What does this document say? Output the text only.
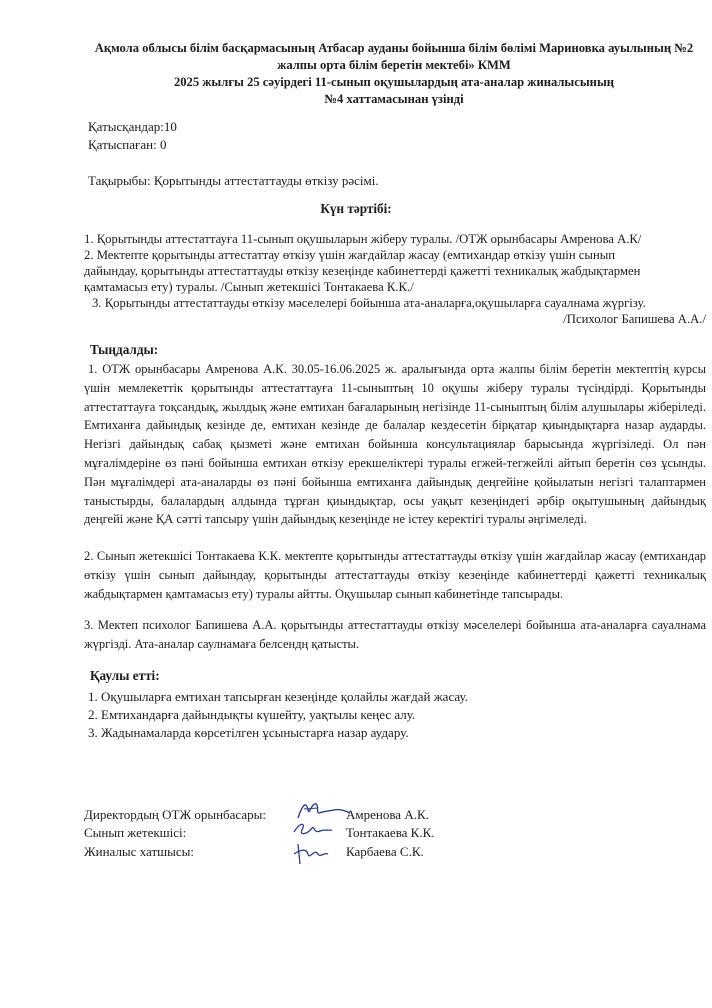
Ақмола облысы білім басқармасының Атбасар ауданы бойынша білім бөлімі Мариновка ауылының №2
жалпы орта білім беретін мектебі» КММ
2025 жылғы 25 сәуірдегі 11-сынып оқушылардың ата-аналар жиналысының
№4 хаттамасынан үзінді
Қатысқандар:10
Қатыспаған: 0
Тақырыбы: Қорытынды аттестаттауды өткізу рәсімі.
Күн тәртібі:
1. Қорытынды аттестаттауға 11-сынып оқушыларын жіберу туралы. /ОТЖ орынбасары Амренова А.К/
2. Мектепте қорытынды аттестаттау өткізу үшін жағдайлар жасау (емтихандар өткізу үшін сынып
дайындау, қорытынды аттестаттауды өткізу кезеңінде кабинеттерді қажетті техникалық жабдықтармен
қамтамасыз ету) туралы. /Сынып жетекшісі Тонтакаева К.К./
3. Қорытынды аттестаттауды өткізу мәселелері бойынша ата-аналарға,оқушыларға сауалнама жүргізу.
/Психолог Бапишева А.А./
Тыңдалды:
1. ОТЖ орынбасары Амренова А.К. 30.05-16.06.2025 ж. аралығында орта жалпы білім беретін мектептің курсы үшін мемлекеттік қорытынды аттестаттауға 11-сыныптың 10 оқушы жіберу туралы түсіндірді. Қорытынды аттестаттауға тоқсандық, жылдық және емтихан бағаларының негізінде 11-сыныптың білім алушылары жіберіледі. Емтиханға дайындық кезінде де, емтихан кезінде де балалар кездесетін бірқатар қиындықтарға назар аударды. Негізгі дайындық сабақ қызметі және емтихан бойынша консультациялар барысында жүргізіледі. Ол пән мұғалімдеріне өз пәні бойынша емтихан өткізу ерекшеліктері туралы егжей-тегжейлі айтып беретін сөз ұсынды. Пән мұғалімдері ата-аналарды өз пәні бойынша емтиханға дайындық деңгейіне қойылатын негізгі талаптармен таныстырды, балалардың алдында тұрған қиындықтар, осы уақыт кезеңіндегі әрбір оқытушының дайындық деңгейі және ҚА сәтті тапсыру үшін дайындық кезеңінде не істеу керектігі туралы әңгімеледі.
2. Сынып жетекшісі Тонтакаева К.К. мектепте қорытынды аттестаттауды өткізу үшін жағдайлар жасау (емтихандар өткізу үшін сынып дайындау, қорытынды аттестаттауды өткізу кезеңінде кабинеттерді қажетті техникалық жабдықтармен қамтамасыз ету) туралы айтты. Оқушылар сынып кабинетінде тапсырады.
3. Мектеп психолог Бапишева А.А. қорытынды аттестаттауды өткізу мәселелері бойынша ата-аналарға сауалнама жүргізді. Ата-аналар саулнамаға белсендң қатысты.
Қаулы етті:
1. Оқушыларға емтихан тапсырған кезеңінде қолайлы жағдай жасау.
2. Емтихандарға дайындықты күшейту, уақтылы кеңес алу.
3. Жадынамаларда көрсетілген ұсыныстарға назар аудару.
Директордың ОТЖ орынбасары:	Амренова А.К.
Сынып жетекшісі:	Тонтакаева К.К.
Жиналыс хатшысы:	Карбаева С.К.
